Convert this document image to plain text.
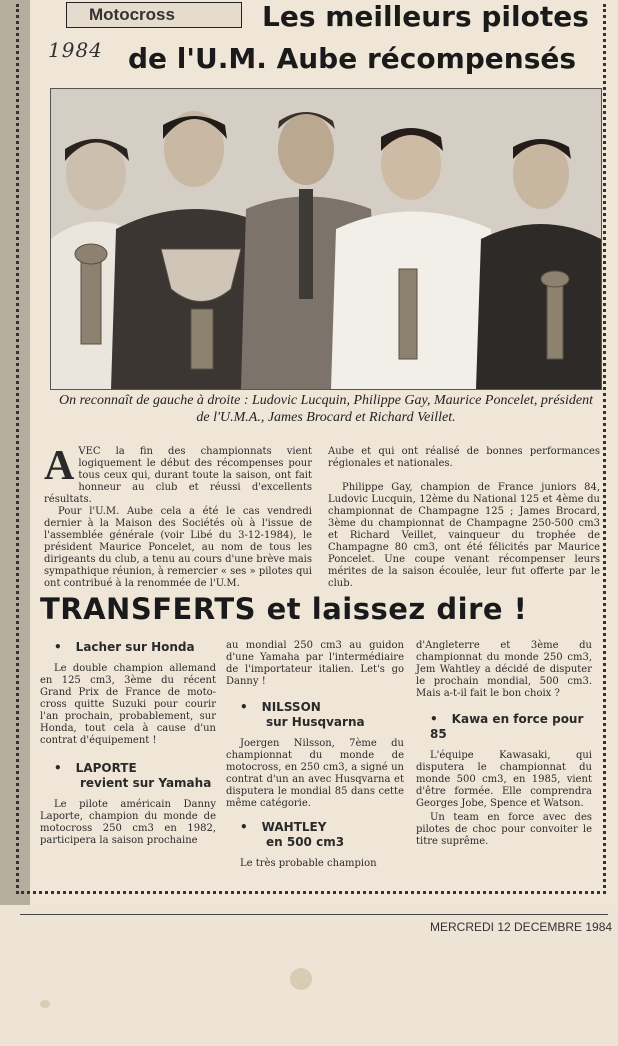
Motocross
1984
Les meilleurs pilotes
de l'U.M. Aube récompensés
On reconnaît de gauche à droite : Ludovic Lucquin, Philippe Gay, Maurice Poncelet, président de l'U.M.A., James Brocard et Richard Veillet.

AVEC la fin des championnats vient logiquement le début des récompenses pour tous ceux qui, durant toute la saison, ont fait honneur au club et réussi d'excellents résultats.

Pour l'U.M. Aube cela a été le cas vendredi dernier à la Maison des Sociétés où à l'issue de l'assemblée générale (voir Libé du 3-12-1984), le président Maurice Poncelet, au nom de tous les dirigeants du club, a tenu au cours d'une brève mais sympathique réunion, à remercier « ses » pilotes qui ont contribué à la renommée de l'U.M.

Aube et qui ont réalisé de bonnes performances régionales et nationales.

Philippe Gay, champion de France juniors 84, Ludovic Lucquin, 12ème du National 125 et 4ème du championnat de Champagne 125 ; James Brocard, 3ème du championnat de Champagne 250-500 cm3 et Richard Veillet, vainqueur du trophée de Champagne 80 cm3, ont été félicités par Maurice Poncelet. Une coupe venant récompenser leurs mérites de la saison écoulée, leur fut offerte par le club.

TRANSFERTS et laissez dire !

• Lacher sur Honda

Le double champion allemand en 125 cm3, 3ème du récent Grand Prix de France de moto-cross quitte Suzuki pour courir l'an prochain, probablement, sur Honda, tout cela à cause d'un contrat d'équipement !

• LAPORTE

revient sur Yamaha

Le pilote américain Danny Laporte, champion du monde de motocross 250 cm3 en 1982, participera la saison prochaine

au mondial 250 cm3 au guidon d'une Yamaha par l'intermédiaire de l'importateur italien. Let's go Danny !

• NILSSON

sur Husqvarna

Joergen Nilsson, 7ème du championnat du monde de motocross, en 250 cm3, a signé un contrat d'un an avec Husqvarna et disputera le mondial 85 dans cette même catégorie.

• WAHTLEY

en 500 cm3

Le très probable champion

d'Angleterre et 3ème du championnat du monde 250 cm3, Jem Wahtley a décidé de disputer le prochain mondial, 500 cm3. Mais a-t-il fait le bon choix ?

• Kawa en force pour

85

L'équipe Kawasaki, qui disputera le championnat du monde 500 cm3, en 1985, vient d'être formée. Elle comprendra Georges Jobe, Spence et Watson.

Un team en force avec des pilotes de choc pour convoiter le titre suprême.

MERCREDI 12 DECEMBRE 1984
